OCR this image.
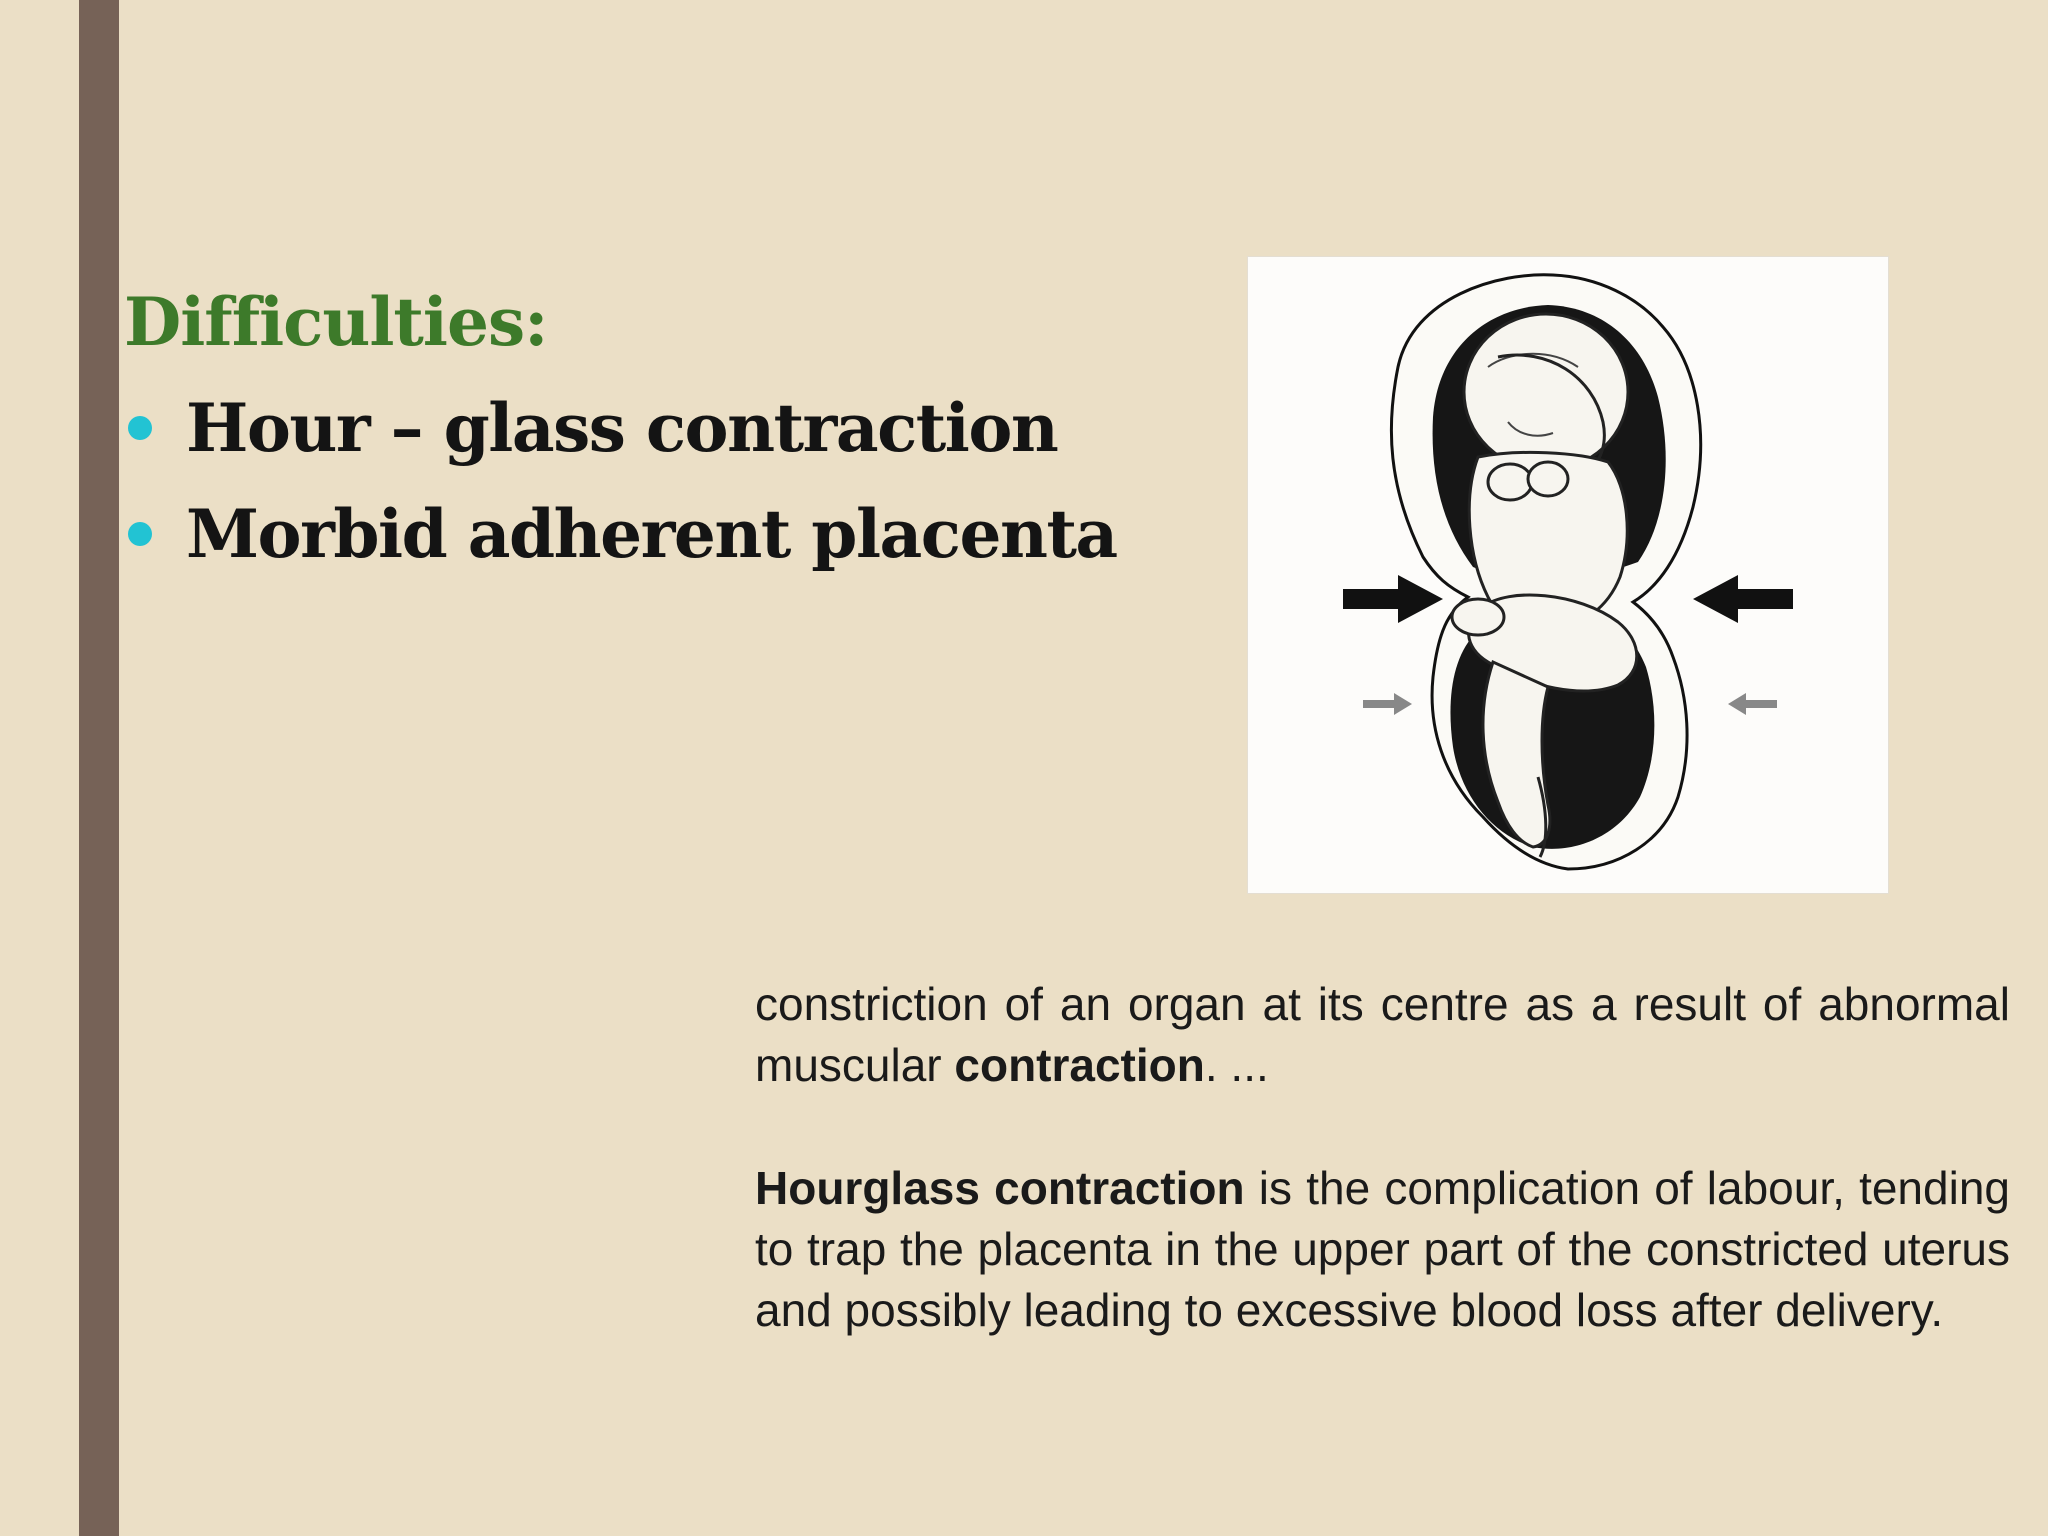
Difficulties:
Hour – glass contraction
Morbid adherent placenta

constriction of an organ at its centre as a result of abnormal muscular contraction. ...

Hourglass contraction is the complication of labour, tending to trap the placenta in the upper part of the constricted uterus and possibly leading to excessive blood loss after delivery.
